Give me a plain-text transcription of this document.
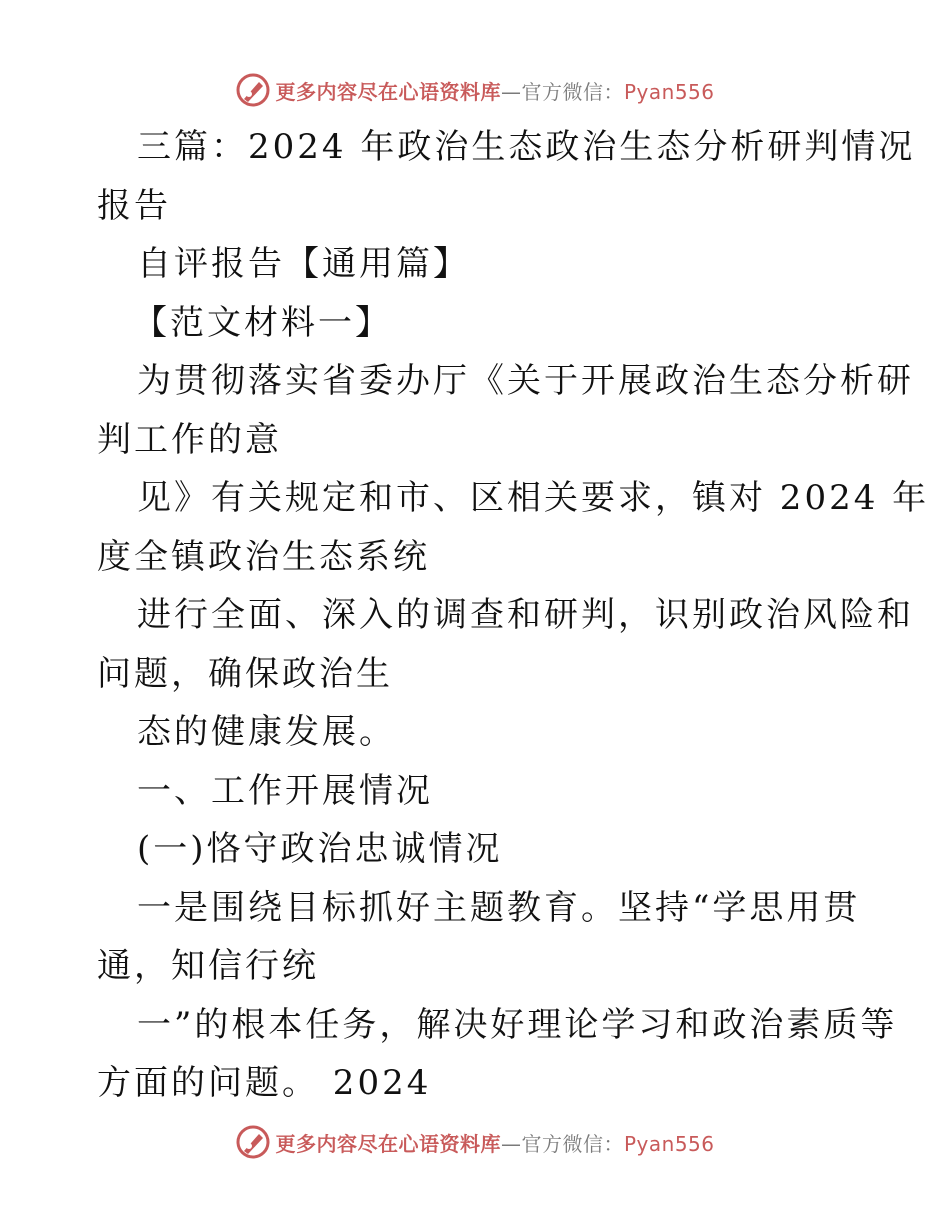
更多内容尽在心语资料库—官方微信：Pyan556

三篇：2024 年政治生态政治生态分析研判情况

报告

自评报告【通用篇】

【范文材料一】

为贯彻落实省委办厅《关于开展政治生态分析研

判工作的意

见》有关规定和市、区相关要求，镇对 2024 年

度全镇政治生态系统

进行全面、深入的调查和研判，识别政治风险和

问题，确保政治生

态的健康发展。

一、工作开展情况

(一)恪守政治忠诚情况

一是围绕目标抓好主题教育。坚持“学思用贯

通，知信行统

一”的根本任务，解决好理论学习和政治素质等

方面的问题。 2024

更多内容尽在心语资料库—官方微信：Pyan556
